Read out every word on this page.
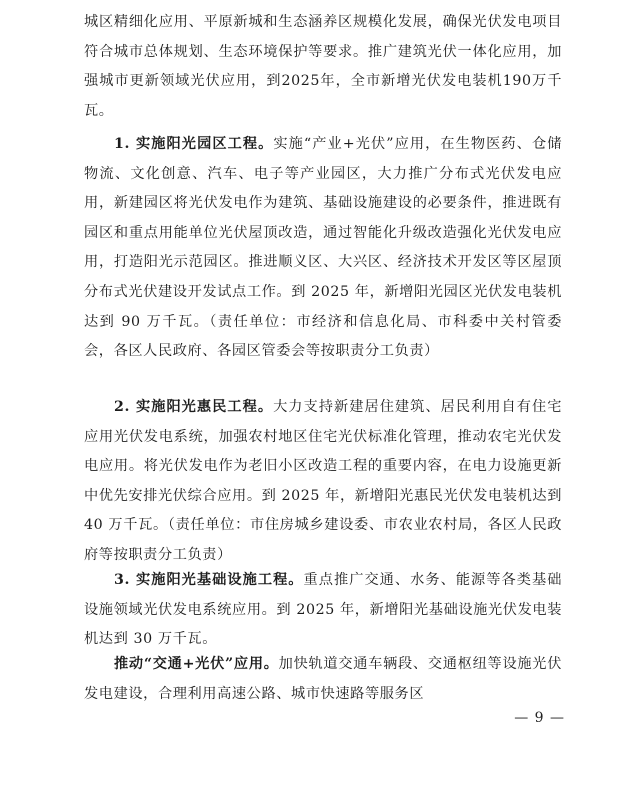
城区精细化应用、平原新城和生态涵养区规模化发展，确保光伏发电项目符合城市总体规划、生态环境保护等要求。推广建筑光伏一体化应用，加强城市更新领域光伏应用，到2025年，全市新增光伏发电装机190万千瓦。

1. 实施阳光园区工程。实施“产业+光伏”应用，在生物医药、仓储物流、文化创意、汽车、电子等产业园区，大力推广分布式光伏发电应用，新建园区将光伏发电作为建筑、基础设施建设的必要条件，推进既有园区和重点用能单位光伏屋顶改造，通过智能化升级改造强化光伏发电应用，打造阳光示范园区。推进顺义区、大兴区、经济技术开发区等区屋顶分布式光伏建设开发试点工作。到 2025 年，新增阳光园区光伏发电装机达到 90 万千瓦。（责任单位：市经济和信息化局、市科委中关村管委会，各区人民政府、各园区管委会等按职责分工负责）

2. 实施阳光惠民工程。大力支持新建居住建筑、居民利用自有住宅应用光伏发电系统，加强农村地区住宅光伏标准化管理，推动农宅光伏发电应用。将光伏发电作为老旧小区改造工程的重要内容，在电力设施更新中优先安排光伏综合应用。到 2025 年，新增阳光惠民光伏发电装机达到 40 万千瓦。（责任单位：市住房城乡建设委、市农业农村局，各区人民政府等按职责分工负责）

3. 实施阳光基础设施工程。重点推广交通、水务、能源等各类基础设施领域光伏发电系统应用。到 2025 年，新增阳光基础设施光伏发电装机达到 30 万千瓦。

推动“交通+光伏”应用。加快轨道交通车辆段、交通枢纽等设施光伏发电建设，合理利用高速公路、城市快速路等服务区

— 9 —
